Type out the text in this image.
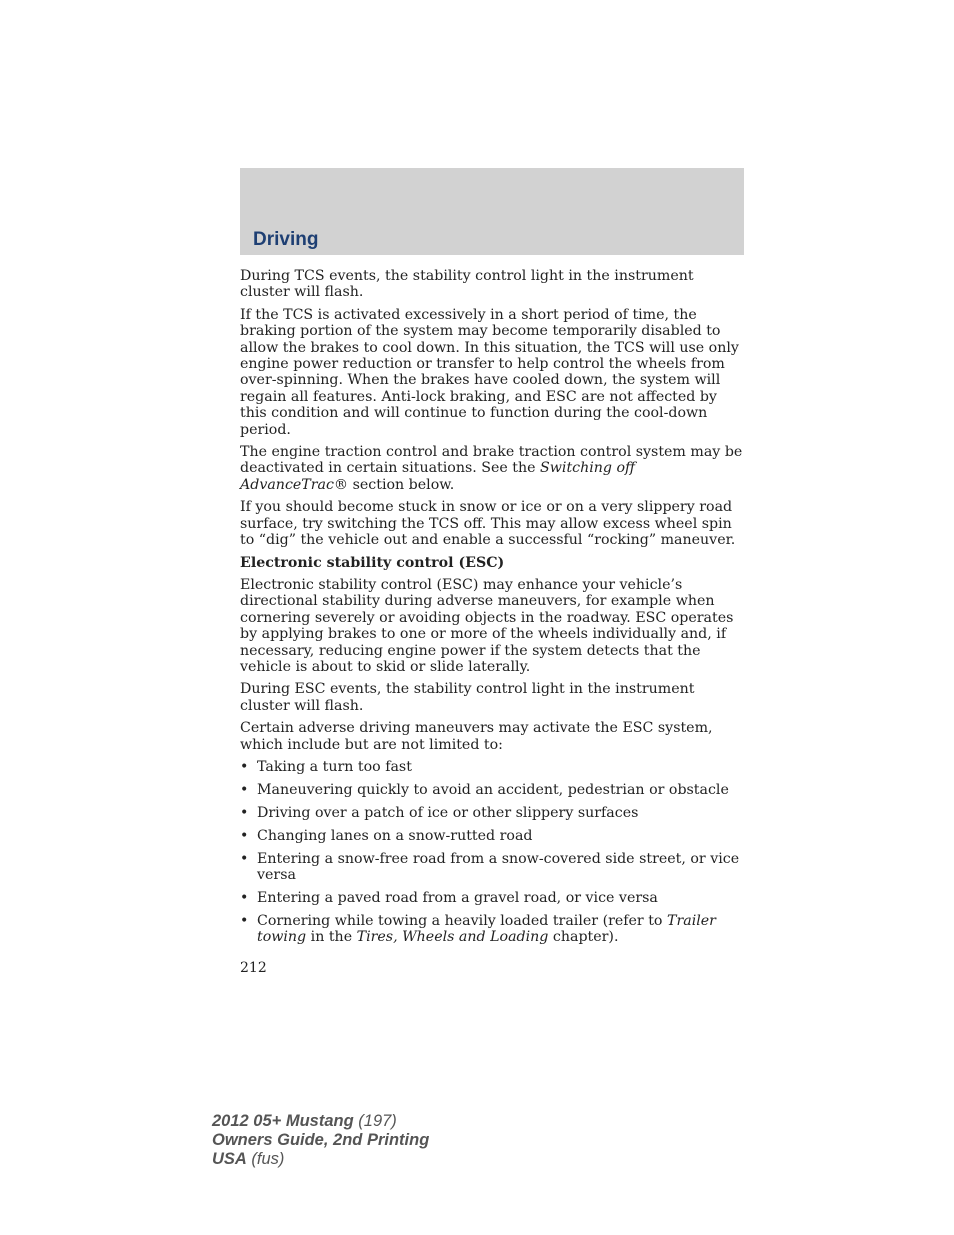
Driving

During TCS events, the stability control light in the instrument cluster will flash.

If the TCS is activated excessively in a short period of time, the braking portion of the system may become temporarily disabled to allow the brakes to cool down. In this situation, the TCS will use only engine power reduction or transfer to help control the wheels from over-spinning. When the brakes have cooled down, the system will regain all features. Anti-lock braking, and ESC are not affected by this condition and will continue to function during the cool-down period.

The engine traction control and brake traction control system may be deactivated in certain situations. See the Switching off AdvanceTrac® section below.

If you should become stuck in snow or ice or on a very slippery road surface, try switching the TCS off. This may allow excess wheel spin to “dig” the vehicle out and enable a successful “rocking” maneuver.

Electronic stability control (ESC)

Electronic stability control (ESC) may enhance your vehicle’s directional stability during adverse maneuvers, for example when cornering severely or avoiding objects in the roadway. ESC operates by applying brakes to one or more of the wheels individually and, if necessary, reducing engine power if the system detects that the vehicle is about to skid or slide laterally.

During ESC events, the stability control light in the instrument cluster will flash.

Certain adverse driving maneuvers may activate the ESC system, which include but are not limited to:

• Taking a turn too fast
• Maneuvering quickly to avoid an accident, pedestrian or obstacle
• Driving over a patch of ice or other slippery surfaces
• Changing lanes on a snow-rutted road
• Entering a snow-free road from a snow-covered side street, or vice versa
• Entering a paved road from a gravel road, or vice versa
• Cornering while towing a heavily loaded trailer (refer to Trailer towing in the Tires, Wheels and Loading chapter).
212
2012 05+ Mustang (197)
Owners Guide, 2nd Printing
USA (fus)
